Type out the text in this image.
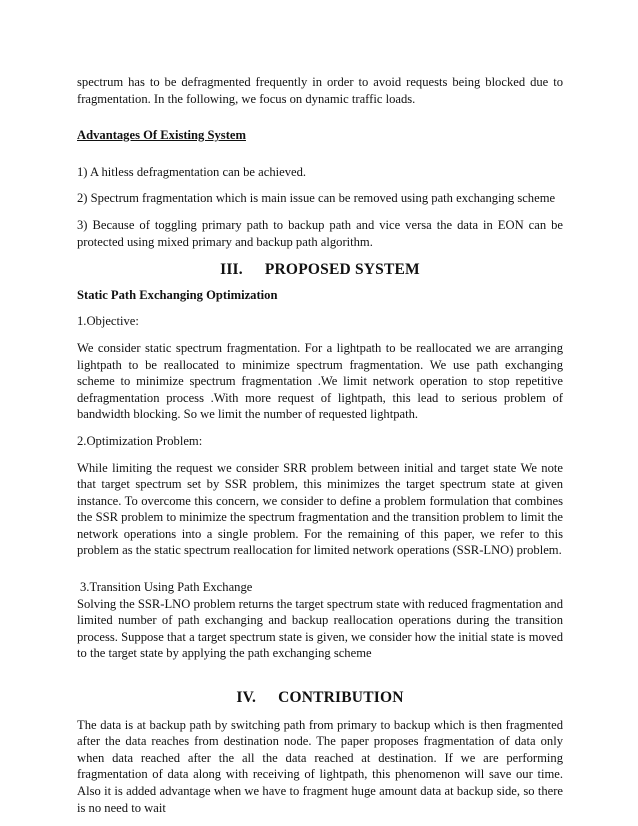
spectrum has to be defragmented frequently in order to avoid requests being blocked due to fragmentation. In the following, we focus on dynamic traffic loads.

Advantages Of Existing System

1) A hitless defragmentation can be achieved.

2) Spectrum fragmentation which is main issue can be removed using path exchanging scheme

3) Because of toggling primary path to backup path and vice versa the data in EON can be protected using mixed primary and backup path algorithm.

III. PROPOSED SYSTEM

Static Path Exchanging Optimization

1.Objective:

We consider static spectrum fragmentation. For a lightpath to be reallocated we are arranging lightpath to be reallocated to minimize spectrum fragmentation. We use path exchanging scheme to minimize spectrum fragmentation .We limit network operation to stop repetitive defragmentation process .With more request of lightpath, this lead to serious problem of bandwidth blocking. So we limit the number of requested lightpath.

2.Optimization Problem:

While limiting the request we consider SRR problem between initial and target state We note that target spectrum set by SSR problem, this minimizes the target spectrum state at given instance. To overcome this concern, we consider to define a problem formulation that combines the SSR problem to minimize the spectrum fragmentation and the transition problem to limit the network operations into a single problem. For the remaining of this paper, we refer to this problem as the static spectrum reallocation for limited network operations (SSR-LNO) problem.

3.Transition Using Path Exchange

Solving the SSR-LNO problem returns the target spectrum state with reduced fragmentation and limited number of path exchanging and backup reallocation operations during the transition process. Suppose that a target spectrum state is given, we consider how the initial state is moved to the target state by applying the path exchanging scheme

IV. CONTRIBUTION

The data is at backup path by switching path from primary to backup which is then fragmented after the data reaches from destination node. The paper proposes fragmentation of data only when data reached after the all the data reached at destination. If we are performing fragmentation of data along with receiving of lightpath, this phenomenon will save our time. Also it is added advantage when we have to fragment huge amount data at backup side, so there is no need to wait
